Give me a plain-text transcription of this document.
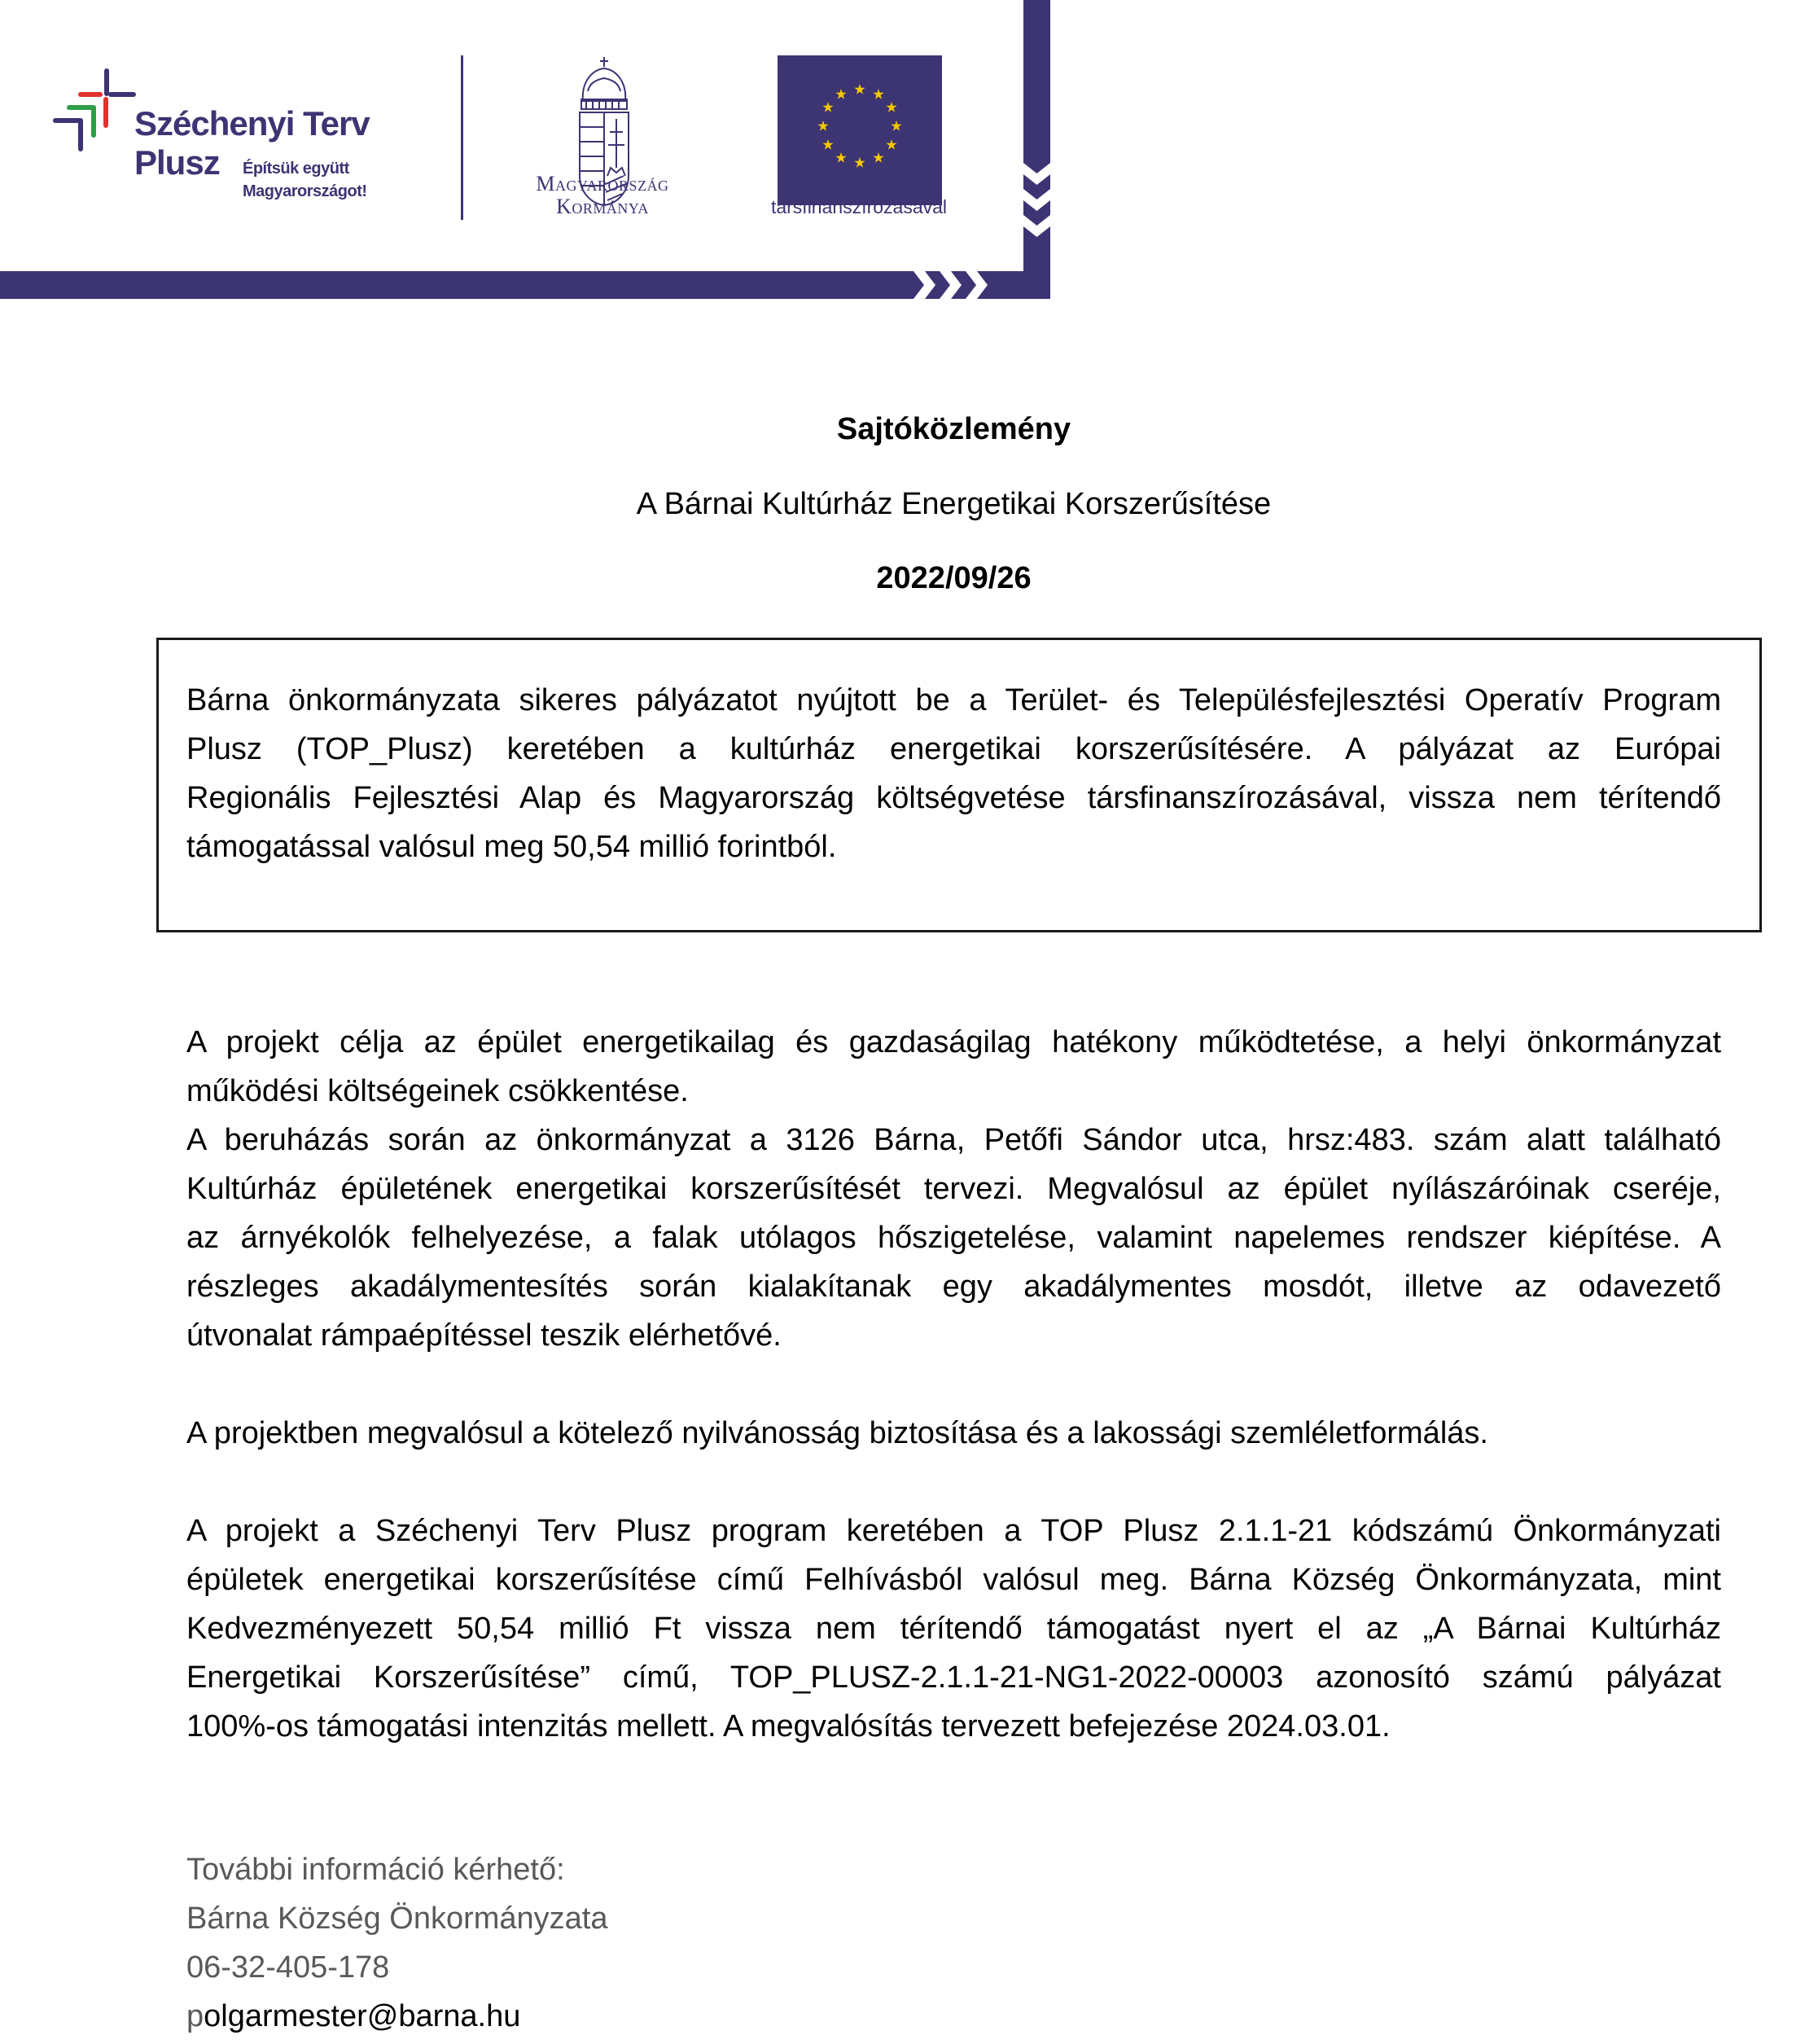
Széchenyi Terv
Plusz Építsük együtt
Magyarországot!	Magyarország
Kormánya
Az Európai Unió
társfinanszírozásával
Sajtóközlemény
A Bárnai Kultúrház Energetikai Korszerűsítése
2022/09/26
Bárna önkormányzata sikeres pályázatot nyújtott be a Terület- és Településfejlesztési Operatív Program
Plusz (TOP_Plusz) keretében a kultúrház energetikai korszerűsítésére. A pályázat az Európai
Regionális Fejlesztési Alap és Magyarország költségvetése társfinanszírozásával, vissza nem térítendő
támogatással valósul meg 50,54 millió forintból.
A projekt célja az épület energetikailag és gazdaságilag hatékony működtetése, a helyi önkormányzat
működési költségeinek csökkentése.
A beruházás során az önkormányzat a 3126 Bárna, Petőfi Sándor utca, hrsz:483. szám alatt található
Kultúrház épületének energetikai korszerűsítését tervezi. Megvalósul az épület nyílászáróinak cseréje,
az árnyékolók felhelyezése, a falak utólagos hőszigetelése, valamint napelemes rendszer kiépítése. A
részleges akadálymentesítés során kialakítanak egy akadálymentes mosdót, illetve az odavezető
útvonalat rámpaépítéssel teszik elérhetővé.
A projektben megvalósul a kötelező nyilvánosság biztosítása és a lakossági szemléletformálás.
A projekt a Széchenyi Terv Plusz program keretében a TOP Plusz 2.1.1-21 kódszámú Önkormányzati
épületek energetikai korszerűsítése című Felhívásból valósul meg. Bárna Község Önkormányzata, mint
Kedvezményezett 50,54 millió Ft vissza nem térítendő támogatást nyert el az „A Bárnai Kultúrház
Energetikai Korszerűsítése” című, TOP_PLUSZ-2.1.1-21-NG1-2022-00003 azonosító számú pályázat
100%-os támogatási intenzitás mellett. A megvalósítás tervezett befejezése 2024.03.01.
További információ kérhető:
Bárna Község Önkormányzata
06-32-405-178
polgarmester@barna.hu
